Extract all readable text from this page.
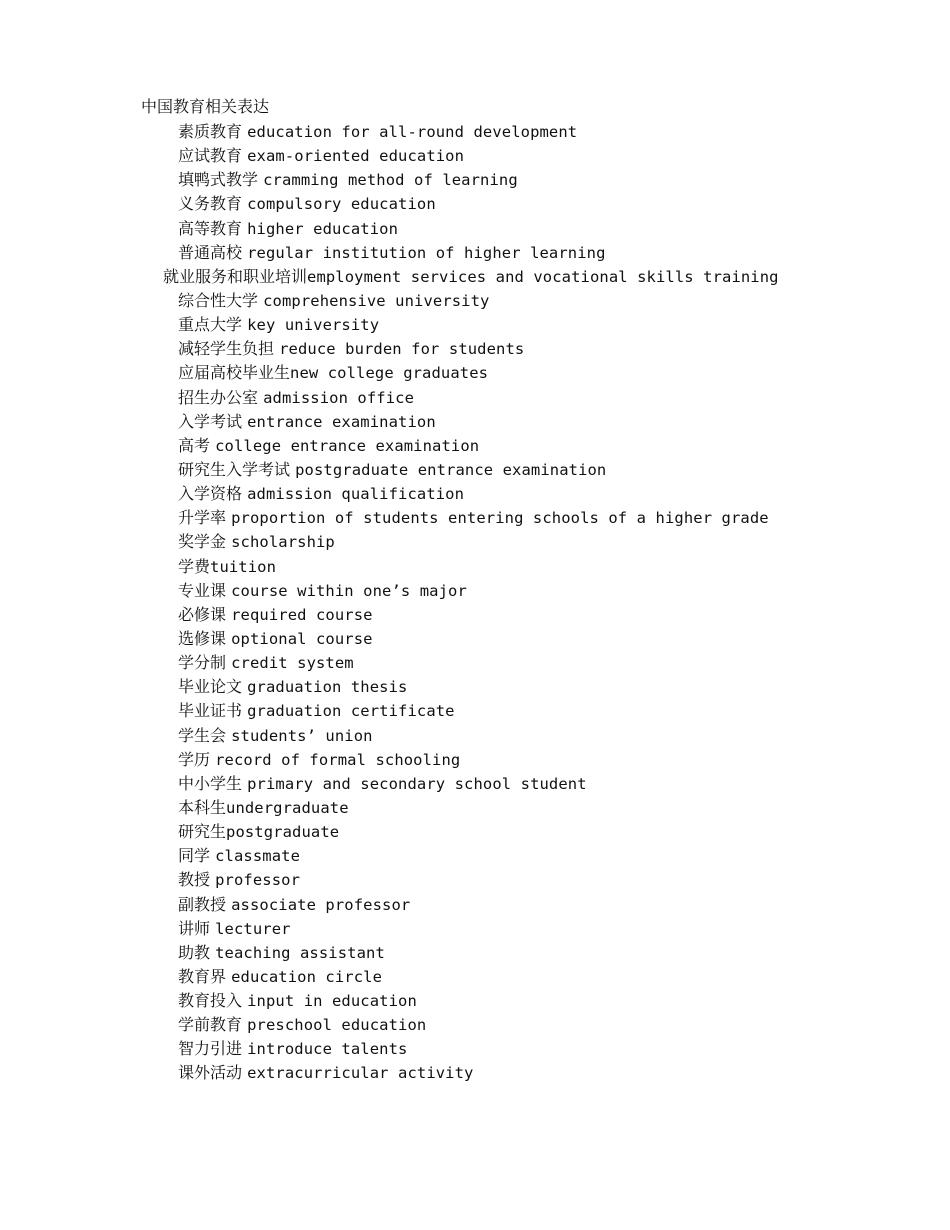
中国教育相关表达
素质教育 education for all-round development
应试教育 exam-oriented education
填鸭式教学 cramming method of learning
义务教育 compulsory education
高等教育 higher education
普通高校 regular institution of higher learning
就业服务和职业培训employment services and vocational skills training
综合性大学 comprehensive university
重点大学 key university
减轻学生负担 reduce burden for students
应届高校毕业生new college graduates
招生办公室 admission office
入学考试 entrance examination
高考 college entrance examination
研究生入学考试 postgraduate entrance examination
入学资格 admission qualification
升学率 proportion of students entering schools of a higher grade
奖学金 scholarship
学费tuition
专业课 course within one’s major
必修课 required course
选修课 optional course
学分制 credit system
毕业论文 graduation thesis
毕业证书 graduation certificate
学生会 students’ union
学历 record of formal schooling
中小学生 primary and secondary school student
本科生undergraduate
研究生postgraduate
同学 classmate
教授 professor
副教授 associate professor
讲师 lecturer
助教 teaching assistant
教育界 education circle
教育投入 input in education
学前教育 preschool education
智力引进 introduce talents
课外活动 extracurricular activity
